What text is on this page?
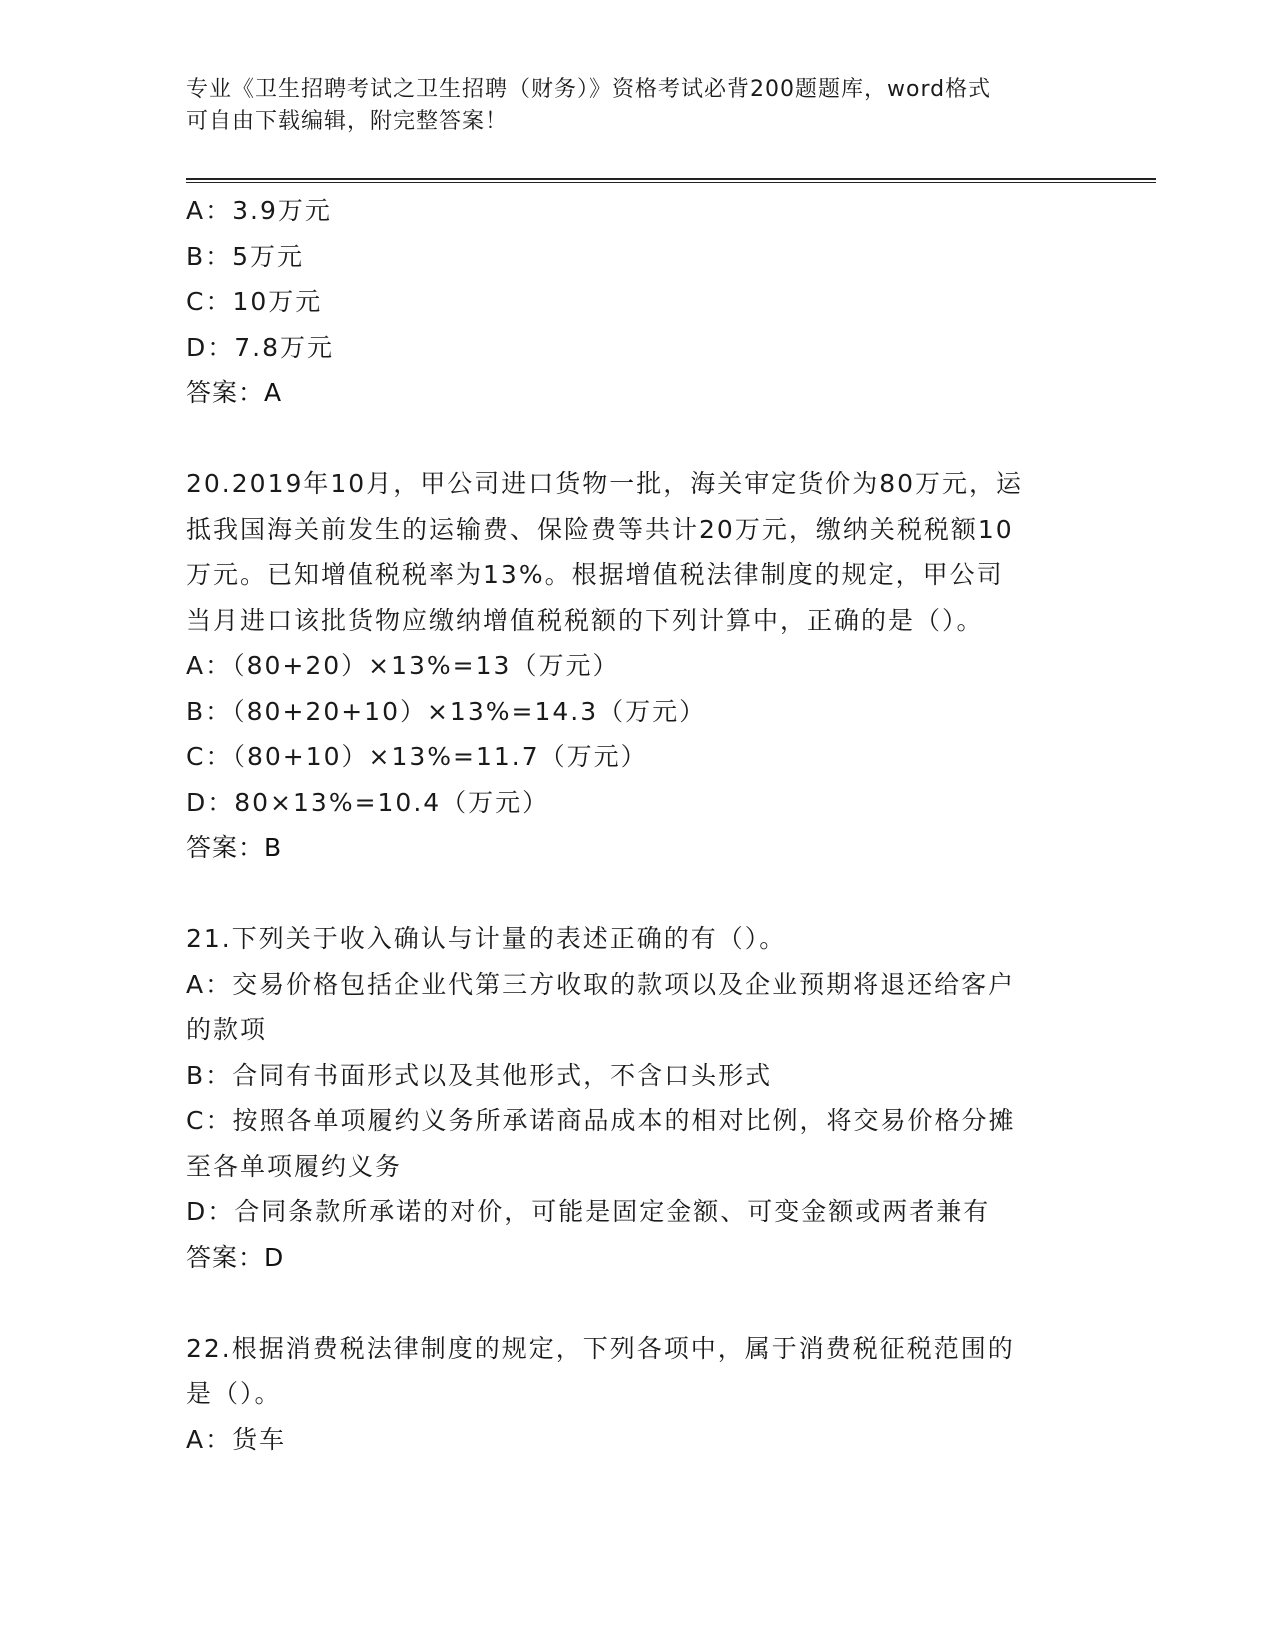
专业《卫生招聘考试之卫生招聘（财务）》资格考试必背200题题库，word格式
可自由下载编辑，附完整答案！
A：3.9万元
B：5万元
C：10万元
D：7.8万元
答案：A
20.2019年10月，甲公司进口货物一批，海关审定货价为80万元，运
抵我国海关前发生的运输费、保险费等共计20万元，缴纳关税税额10
万元。已知增值税税率为13%。根据增值税法律制度的规定，甲公司
当月进口该批货物应缴纳增值税税额的下列计算中，正确的是（）。
A：（80+20）×13%=13（万元）
B：（80+20+10）×13%=14.3（万元）
C：（80+10）×13%=11.7（万元）
D：80×13%=10.4（万元）
答案：B
21.下列关于收入确认与计量的表述正确的有（）。
A：交易价格包括企业代第三方收取的款项以及企业预期将退还给客户
的款项
B：合同有书面形式以及其他形式，不含口头形式
C：按照各单项履约义务所承诺商品成本的相对比例，将交易价格分摊
至各单项履约义务
D：合同条款所承诺的对价，可能是固定金额、可变金额或两者兼有
答案：D
22.根据消费税法律制度的规定，下列各项中，属于消费税征税范围的
是（）。
A：货车
